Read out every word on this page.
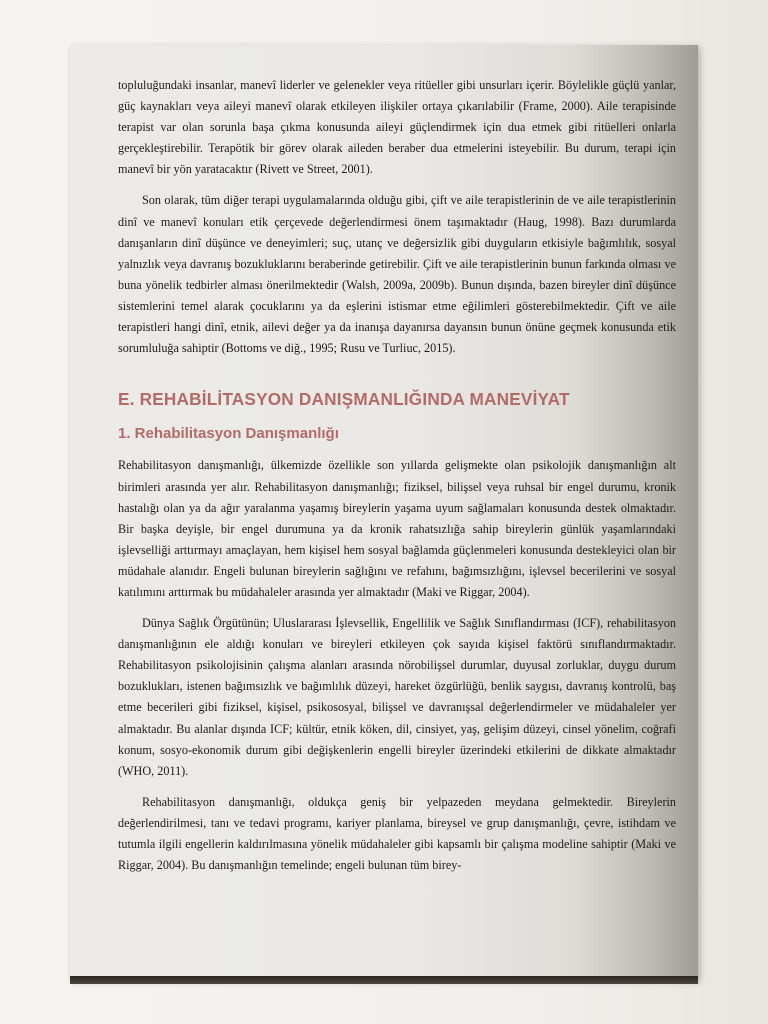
topluluğundaki insanlar, manevî liderler ve gelenekler veya ritüeller gibi unsurları içerir. Böylelikle güçlü yanlar, güç kaynakları veya aileyi manevî olarak etkileyen ilişkiler ortaya çıkarılabilir (Frame, 2000). Aile terapisinde terapist var olan sorunla başa çıkma konusunda aileyi güçlendirmek için dua etmek gibi ritüelleri onlarla gerçekleştirebilir. Terapötik bir görev olarak aileden beraber dua etmelerini isteyebilir. Bu durum, terapi için manevî bir yön yaratacaktır (Rivett ve Street, 2001).

Son olarak, tüm diğer terapi uygulamalarında olduğu gibi, çift ve aile terapistlerinin de ve aile terapistlerinin dinî ve manevî konuları etik çerçevede değerlendirmesi önem taşımaktadır (Haug, 1998). Bazı durumlarda danışanların dinî düşünce ve deneyimleri; suç, utanç ve değersizlik gibi duyguların etkisiyle bağımlılık, sosyal yalnızlık veya davranış bozukluklarını beraberinde getirebilir. Çift ve aile terapistlerinin bunun farkında olması ve buna yönelik tedbirler alması önerilmektedir (Walsh, 2009a, 2009b). Bunun dışında, bazen bireyler dinî düşünce sistemlerini temel alarak çocuklarını ya da eşlerini istismar etme eğilimleri gösterebilmektedir. Çift ve aile terapistleri hangi dinî, etnik, ailevi değer ya da inanışa dayanırsa dayansın bunun önüne geçmek konusunda etik sorumluluğa sahiptir (Bottoms ve diğ., 1995; Rusu ve Turliuc, 2015).

E. REHABİLİTASYON DANIŞMANLIĞINDA MANEVİYAT
1. Rehabilitasyon Danışmanlığı

Rehabilitasyon danışmanlığı, ülkemizde özellikle son yıllarda gelişmekte olan psikolojik danışmanlığın alt birimleri arasında yer alır. Rehabilitasyon danışmanlığı; fiziksel, bilişsel veya ruhsal bir engel durumu, kronik hastalığı olan ya da ağır yaralanma yaşamış bireylerin yaşama uyum sağlamaları konusunda destek olmaktadır. Bir başka deyişle, bir engel durumuna ya da kronik rahatsızlığa sahip bireylerin günlük yaşamlarındaki işlevselliği arttırmayı amaçlayan, hem kişisel hem sosyal bağlamda güçlenmeleri konusunda destekleyici olan bir müdahale alanıdır. Engeli bulunan bireylerin sağlığını ve refahını, bağımsızlığını, işlevsel becerilerini ve sosyal katılımını arttırmak bu müdahaleler arasında yer almaktadır (Maki ve Riggar, 2004).

Dünya Sağlık Örgütünün; Uluslararası İşlevsellik, Engellilik ve Sağlık Sınıflandırması (ICF), rehabilitasyon danışmanlığının ele aldığı konuları ve bireyleri etkileyen çok sayıda kişisel faktörü sınıflandırmaktadır. Rehabilitasyon psikolojisinin çalışma alanları arasında nörobilişsel durumlar, duyusal zorluklar, duygu durum bozuklukları, istenen bağımsızlık ve bağımlılık düzeyi, hareket özgürlüğü, benlik saygısı, davranış kontrolü, baş etme becerileri gibi fiziksel, kişisel, psikososyal, bilişsel ve davranışsal değerlendirmeler ve müdahaleler yer almaktadır. Bu alanlar dışında ICF; kültür, etnik köken, dil, cinsiyet, yaş, gelişim düzeyi, cinsel yönelim, coğrafi konum, sosyo-ekonomik durum gibi değişkenlerin engelli bireyler üzerindeki etkilerini de dikkate almaktadır (WHO, 2011).

Rehabilitasyon danışmanlığı, oldukça geniş bir yelpazeden meydana gelmektedir. Bireylerin değerlendirilmesi, tanı ve tedavi programı, kariyer planlama, bireysel ve grup danışmanlığı, çevre, istihdam ve tutumla ilgili engellerin kaldırılmasına yönelik müdahaleler gibi kapsamlı bir çalışma modeline sahiptir (Maki ve Riggar, 2004). Bu danışmanlığın temelinde; engeli bulunan tüm birey-
